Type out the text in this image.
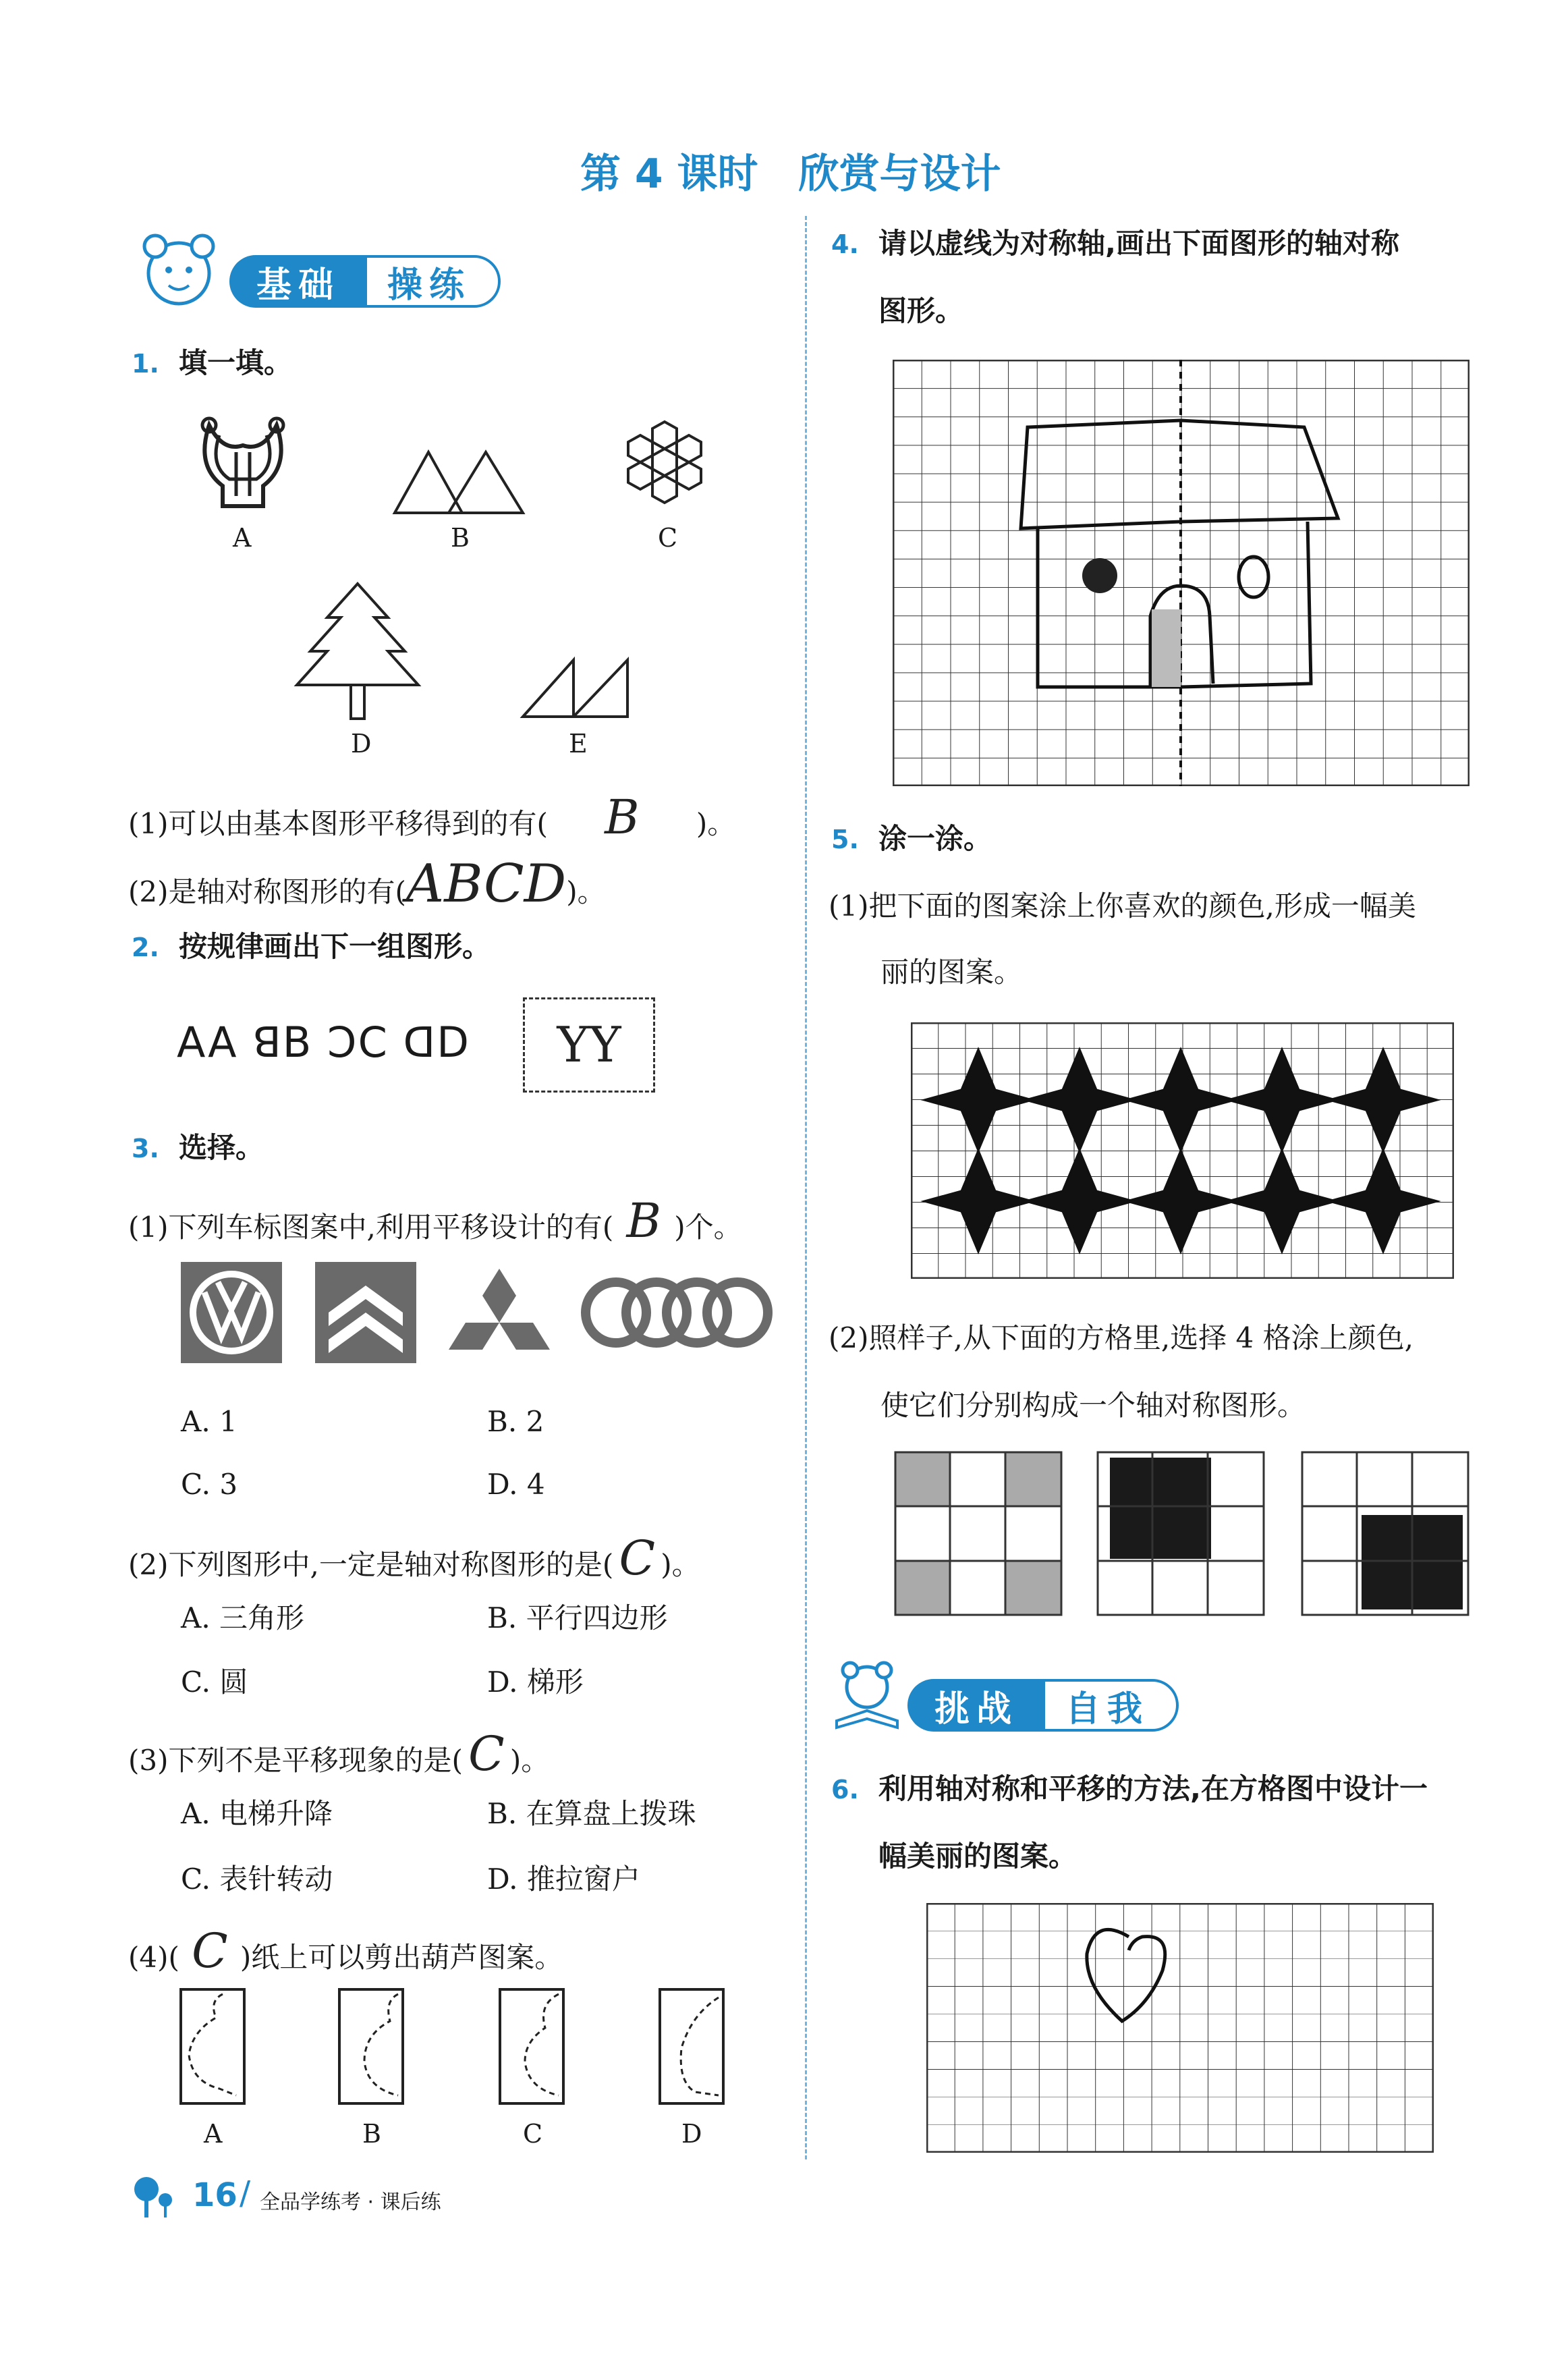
第 4 课时　欣赏与设计
基础	操练
1. 填一填。
A	B	C
D	E
(1)可以由基本图形平移得到的有( B )。
(2)是轴对称图形的有(ABCD)。
2. 按规律画出下一组图形。
AA ꓭB ƆC ꓷD	YY
3. 选择。
(1)下列车标图案中,利用平移设计的有( B )个。
A. 1	B. 2
C. 3	D. 4
(2)下列图形中,一定是轴对称图形的是( C )。
A. 三角形	B. 平行四边形
C. 圆	D. 梯形
(3)下列不是平移现象的是( C )。
A. 电梯升降	B. 在算盘上拨珠
C. 表针转动	D. 推拉窗户
(4)( C )纸上可以剪出葫芦图案。
A	B	C	D
4. 请以虚线为对称轴,画出下面图形的轴对称
图形。
5. 涂一涂。
(1)把下面的图案涂上你喜欢的颜色,形成一幅美
丽的图案。
(2)照样子,从下面的方格里,选择 4 格涂上颜色,
使它们分别构成一个轴对称图形。
挑战	自我
6. 利用轴对称和平移的方法,在方格图中设计一
幅美丽的图案。
16 / 全品学练考 · 课后练
